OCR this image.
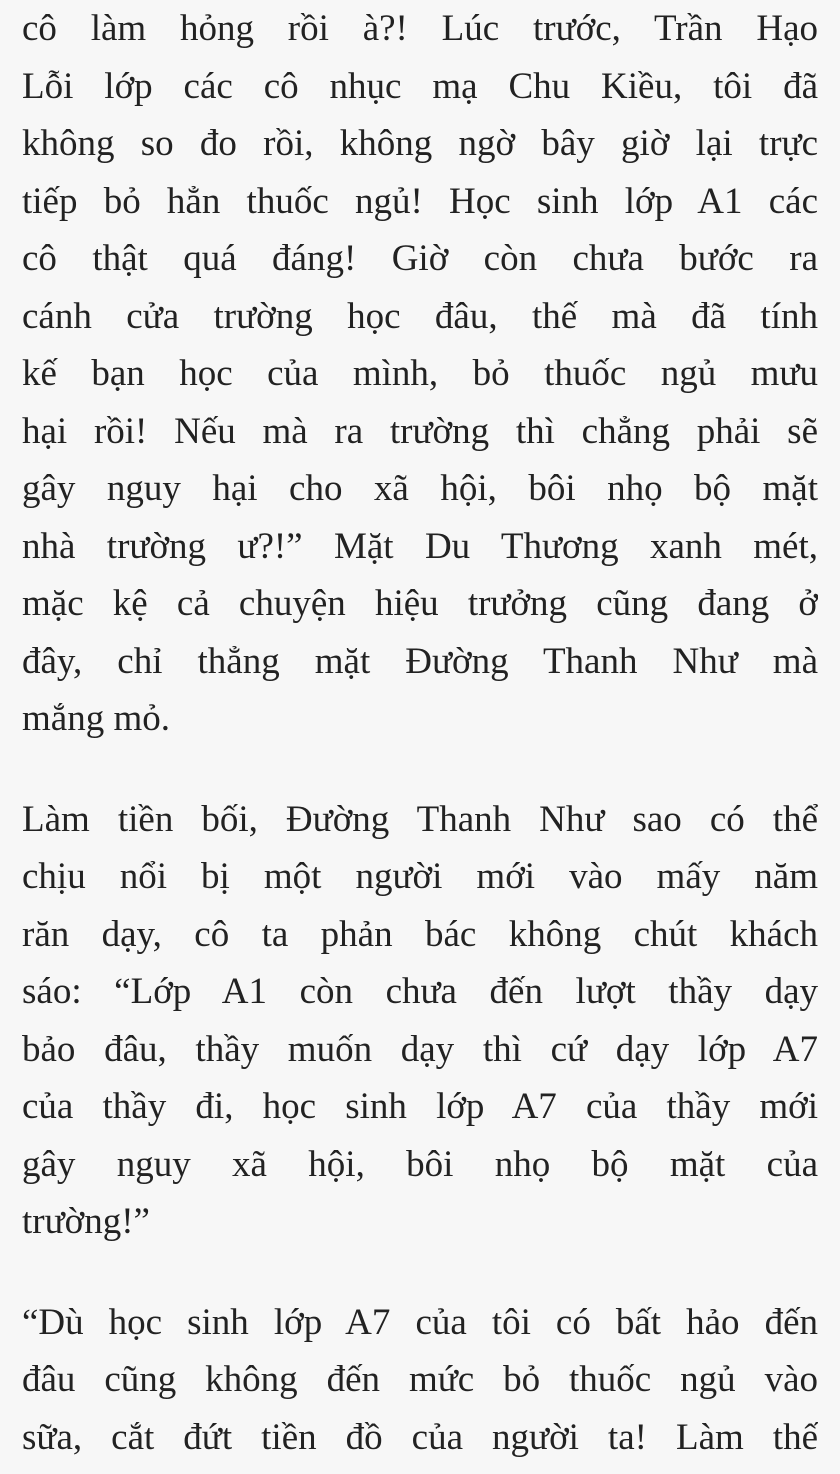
cô làm hỏng rồi à?! Lúc trước, Trần Hạo
Lỗi lớp các cô nhục mạ Chu Kiều, tôi đã
không so đo rồi, không ngờ bây giờ lại trực
tiếp bỏ hẳn thuốc ngủ! Học sinh lớp A1 các
cô thật quá đáng! Giờ còn chưa bước ra
cánh cửa trường học đâu, thế mà đã tính
kế bạn học của mình, bỏ thuốc ngủ mưu
hại rồi! Nếu mà ra trường thì chẳng phải sẽ
gây nguy hại cho xã hội, bôi nhọ bộ mặt
nhà trường ư?!” Mặt Du Thương xanh mét,
mặc kệ cả chuyện hiệu trưởng cũng đang ở
đây, chỉ thẳng mặt Đường Thanh Như mà
mắng mỏ.
Làm tiền bối, Đường Thanh Như sao có thể
chịu nổi bị một người mới vào mấy năm
răn dạy, cô ta phản bác không chút khách
sáo: “Lớp A1 còn chưa đến lượt thầy dạy
bảo đâu, thầy muốn dạy thì cứ dạy lớp A7
của thầy đi, học sinh lớp A7 của thầy mới
gây nguy xã hội, bôi nhọ bộ mặt của
trường!”
“Dù học sinh lớp A7 của tôi có bất hảo đến
đâu cũng không đến mức bỏ thuốc ngủ vào
sữa, cắt đứt tiền đồ của người ta! Làm thế
